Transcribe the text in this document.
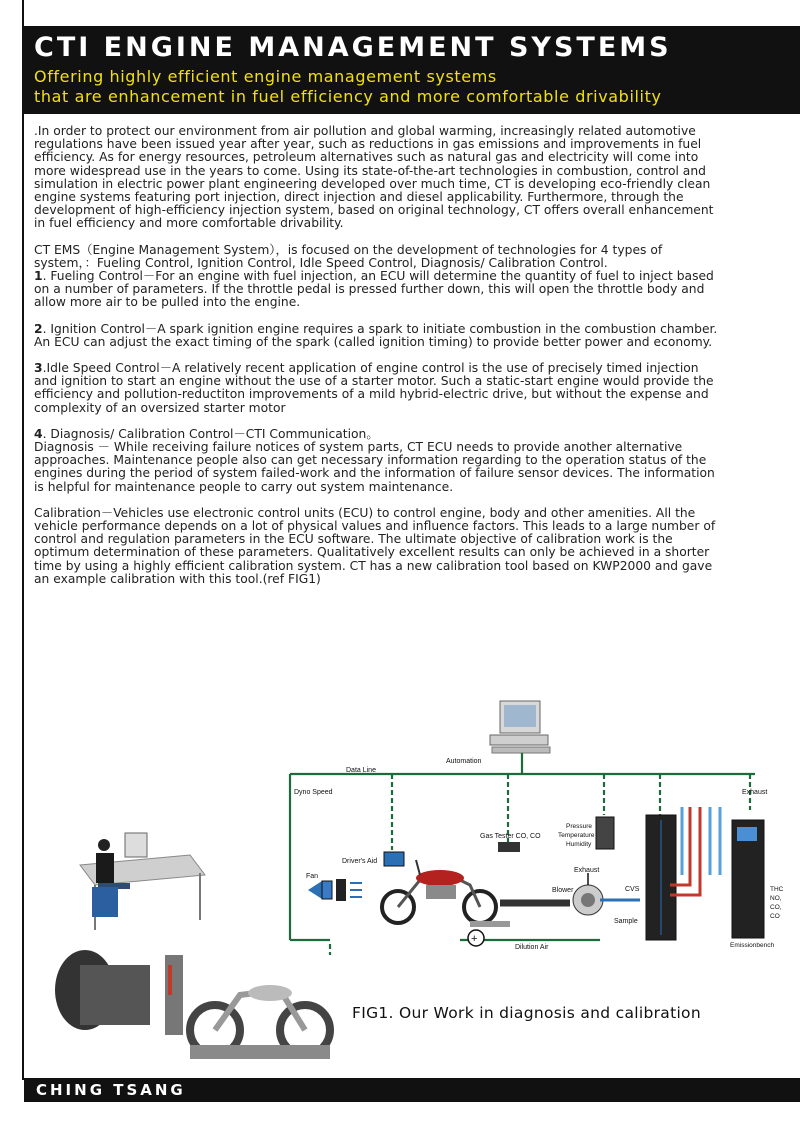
CTI ENGINE MANAGEMENT SYSTEMS
Offering highly efficient engine management systems
that are enhancement in fuel efficiency and more comfortable drivability

.In order to protect our environment from air pollution and global warming, increasingly related automotive regulations have been issued year after year, such as reductions in gas emissions and improvements in fuel efficiency. As for energy resources, petroleum alternatives such as natural gas and electricity will come into more widespread use in the years to come. Using its state-of-the-art technologies in combustion, control and simulation in electric power plant engineering developed over much time, CT is developing eco-friendly clean engine systems featuring port injection, direct injection and diesel applicability. Furthermore, through the development of high-efficiency injection system, based on original technology, CT offers overall enhancement in fuel efficiency and more comfortable drivability.

CT EMS（Engine Management System），is focused on the development of technologies for 4 types of system，：Fueling Control, Ignition Control, Idle Speed Control, Diagnosis/ Calibration Control.
1. Fueling Control－For an engine with fuel injection, an ECU will determine the quantity of fuel to inject based on a number of parameters. If the throttle pedal is pressed further down, this will open the throttle body and allow more air to be pulled into the engine.

2. Ignition Control－A spark ignition engine requires a spark to initiate combustion in the combustion chamber. An ECU can adjust the exact timing of the spark (called ignition timing) to provide better power and economy.

3.Idle Speed Control－A relatively recent application of engine control is the use of precisely timed injection and ignition to start an engine without the use of a starter motor. Such a static-start engine would provide the efficiency and pollution-reductiton improvements of a mild hybrid-electric drive, but without the expense and complexity of an oversized starter motor

4. Diagnosis/ Calibration Control－CTI Communication。
Diagnosis － While receiving failure notices of system parts, CT ECU needs to provide another alternative approaches. Maintenance people also can get necessary information regarding to the operation status of the engines during the period of system failed-work and the information of failure sensor devices. The information is helpful for maintenance people to carry out system maintenance.

Calibration－Vehicles use electronic control units (ECU) to control engine, body and other amenities. All the vehicle performance depends on a lot of physical values and influence factors. This leads to a large number of control and regulation parameters in the ECU software. The ultimate objective of calibration work is the optimum determination of these parameters. Qualitatively excellent results can only be achieved in a shorter time by using a highly efficient calibration system. CT has a new calibration tool based on KWP2000 and gave an example calibration with this tool.(ref FIG1)

Automation
Data Line
Dyno Speed
Driver's Aid
Gas Tester CO, CO
Pressure
Temperature
Humidity
Fan
+
Blower
Exhaust
CVS
Sample
Dilution Air
Exhaust
Emissionbench
THC
NO,
CO,
CO
FIG1. Our Work in diagnosis and calibration
CHING TSANG
